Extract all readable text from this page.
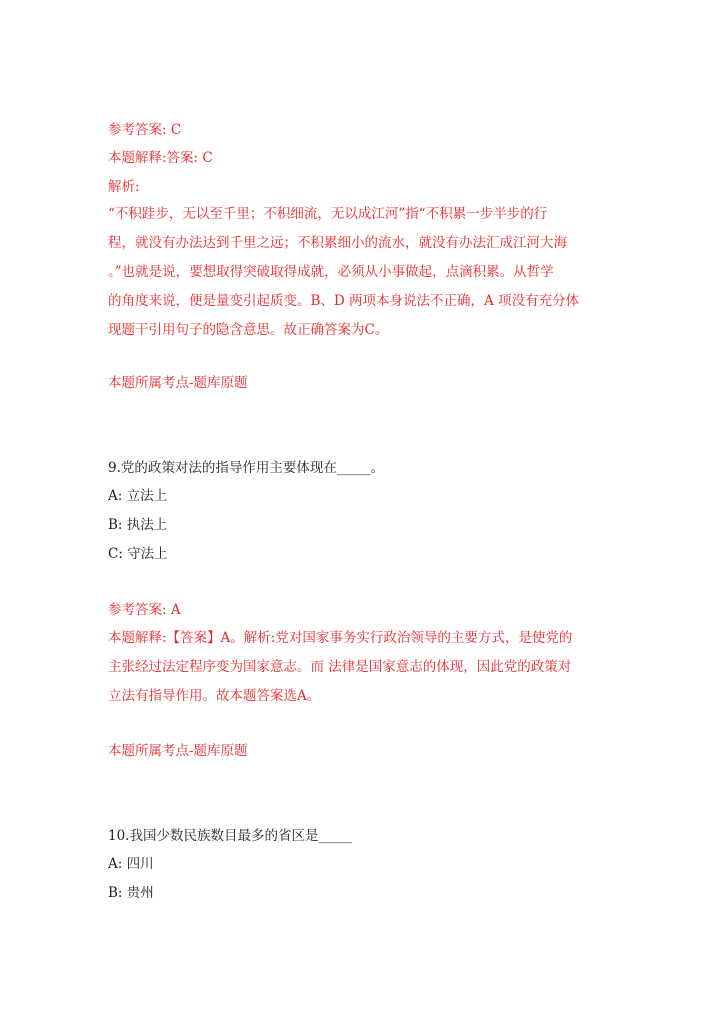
参考答案: C
本题解释:答案: C
解析:

“不积跬步，无以至千里；不积细流，无以成江河”指“不积累一步半步的行

程，就没有办法达到千里之远；不积累细小的流水，就没有办法汇成江河大海

。”也就是说，要想取得突破取得成就，必须从小事做起，点滴积累。从哲学

的角度来说，便是量变引起质变。B、D 两项本身说法不正确，A 项没有充分体

现题干引用句子的隐含意思。故正确答案为C。

本题所属考点-题库原题
9.党的政策对法的指导作用主要体现在_____。
A: 立法上
B: 执法上
C: 守法上
参考答案: A

本题解释:【答案】A。解析:党对国家事务实行政治领导的主要方式，是使党的

主张经过法定程序变为国家意志。而 法律是国家意志的体现，因此党的政策对

立法有指导作用。故本题答案选A。

本题所属考点-题库原题
10.我国少数民族数目最多的省区是_____
A: 四川
B: 贵州
